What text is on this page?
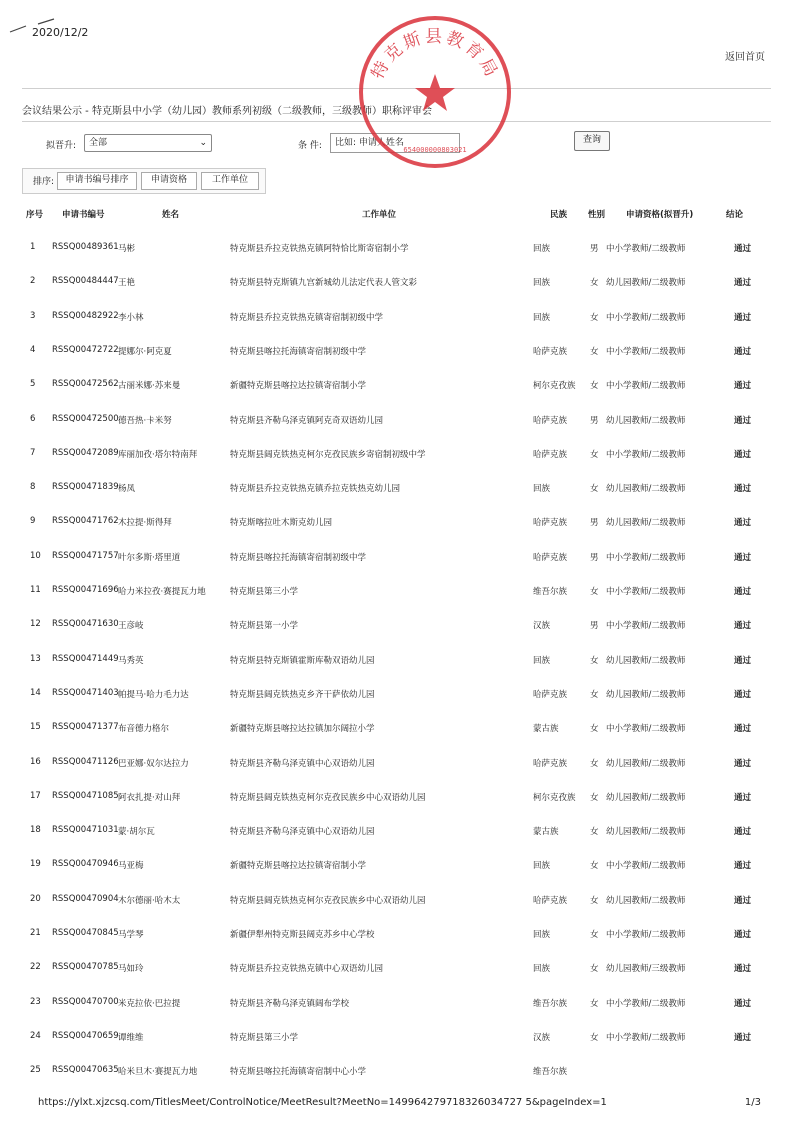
2020/12/2
返回首页
会议结果公示 - 特克斯县中小学（幼儿园）教师系列初级（二级教师，三级教师）职称评审会
拟晋升:	全部	⌄	条 件:	比如: 申请人姓名	查询
排序:	申请书编号排序	申请资格	工作单位
序号 申请书编号	姓名	工作单位	民族 性别 申请资格(拟晋升)	结论
1 RSSQ00489361 马彬	特克斯县乔拉克铁热克镇阿特恰比斯寄宿制小学	回族	男 中小学教师/二级教师	通过
2 RSSQ00484447 王艳	特克斯县特克斯镇九宫新城幼儿法定代表人管文彩	回族	女 幼儿园教师/二级教师	通过
3 RSSQ00482922 李小林	特克斯县乔拉克铁热克镇寄宿制初级中学	回族	女 中小学教师/二级教师	通过
4 RSSQ00472722 提娜尔·阿克夏	特克斯县喀拉托海镇寄宿制初级中学	哈萨克族	女 中小学教师/二级教师	通过
5 RSSQ00472562 古丽米娜·苏来曼	新疆特克斯县喀拉达拉镇寄宿制小学	柯尔克孜族 女 中小学教师/二级教师	通过
6 RSSQ00472500 德吾热·卡米努	特克斯县齐勒乌泽克镇阿克奇双语幼儿园	哈萨克族	男 幼儿园教师/二级教师	通过
7 RSSQ00472089 库丽加孜·塔尔特南拜	特克斯县阔克铁热克柯尔克孜民族乡寄宿制初级中学	哈萨克族	女 中小学教师/二级教师	通过
8 RSSQ00471839 杨凤	特克斯县乔拉克铁热克镇乔拉克铁热克幼儿园	回族	女 幼儿园教师/二级教师	通过
9 RSSQ00471762 木拉提·斯得拜	特克斯喀拉吐木斯克幼儿园	哈萨克族	男 幼儿园教师/二级教师	通过
10 RSSQ00471757 叶尔多斯·塔里道	特克斯县喀拉托海镇寄宿制初级中学	哈萨克族	男 中小学教师/二级教师	通过
11 RSSQ00471696 哈力米拉孜·赛提瓦力地	特克斯县第三小学	维吾尔族	女 中小学教师/二级教师	通过
12 RSSQ00471630 王彦岐	特克斯县第一小学	汉族	男 中小学教师/二级教师	通过
13 RSSQ00471449 马秀英	特克斯县特克斯镇霍斯库勒双语幼儿园	回族	女 幼儿园教师/二级教师	通过
14 RSSQ00471403 帕提马·哈力毛力达	特克斯县阔克铁热克乡齐干萨依幼儿园	哈萨克族	女 幼儿园教师/二级教师	通过
15 RSSQ00471377 布音德力格尔	新疆特克斯县喀拉达拉镇加尔阔拉小学	蒙古族	女 中小学教师/二级教师	通过
16 RSSQ00471126 巴亚娜·奴尔达拉力	特克斯县齐勒乌泽克镇中心双语幼儿园	哈萨克族	女 幼儿园教师/二级教师	通过
17 RSSQ00471085 阿衣扎提·对山拜	特克斯县阔克铁热克柯尔克孜民族乡中心双语幼儿园	柯尔克孜族 女 幼儿园教师/二级教师	通过
18 RSSQ00471031 蒙·胡尔瓦	特克斯县齐勒乌泽克镇中心双语幼儿园	蒙古族	女 幼儿园教师/二级教师	通过
19 RSSQ00470946 马亚梅	新疆特克斯县喀拉达拉镇寄宿制小学	回族	女 中小学教师/二级教师	通过
20 RSSQ00470904 木尔德丽·哈木太	特克斯县阔克铁热克柯尔克孜民族乡中心双语幼儿园	哈萨克族	女 幼儿园教师/二级教师	通过
21 RSSQ00470845 马学琴	新疆伊犁州特克斯县阔克苏乡中心学校	回族	女 中小学教师/二级教师	通过
22 RSSQ00470785 马如玲	特克斯县乔拉克铁热克镇中心双语幼儿园	回族	女 幼儿园教师/三级教师	通过
23 RSSQ00470700 米克拉依·巴拉提	特克斯县齐勒乌泽克镇阔布学校	维吾尔族	女 中小学教师/二级教师	通过
24 RSSQ00470659 谭维维	特克斯县第三小学	汉族	女 中小学教师/二级教师	通过
25 RSSQ00470635 哈米旦木·赛提瓦力地	特克斯县喀拉托海镇寄宿制中心小学	维吾尔族
特克斯县教育局
654000000803021
https://ylxt.xjzcsq.com/TitlesMeet/ControlNotice/MeetResult?MeetNo=149964279718326034727 5&pageIndex=1	1/3
